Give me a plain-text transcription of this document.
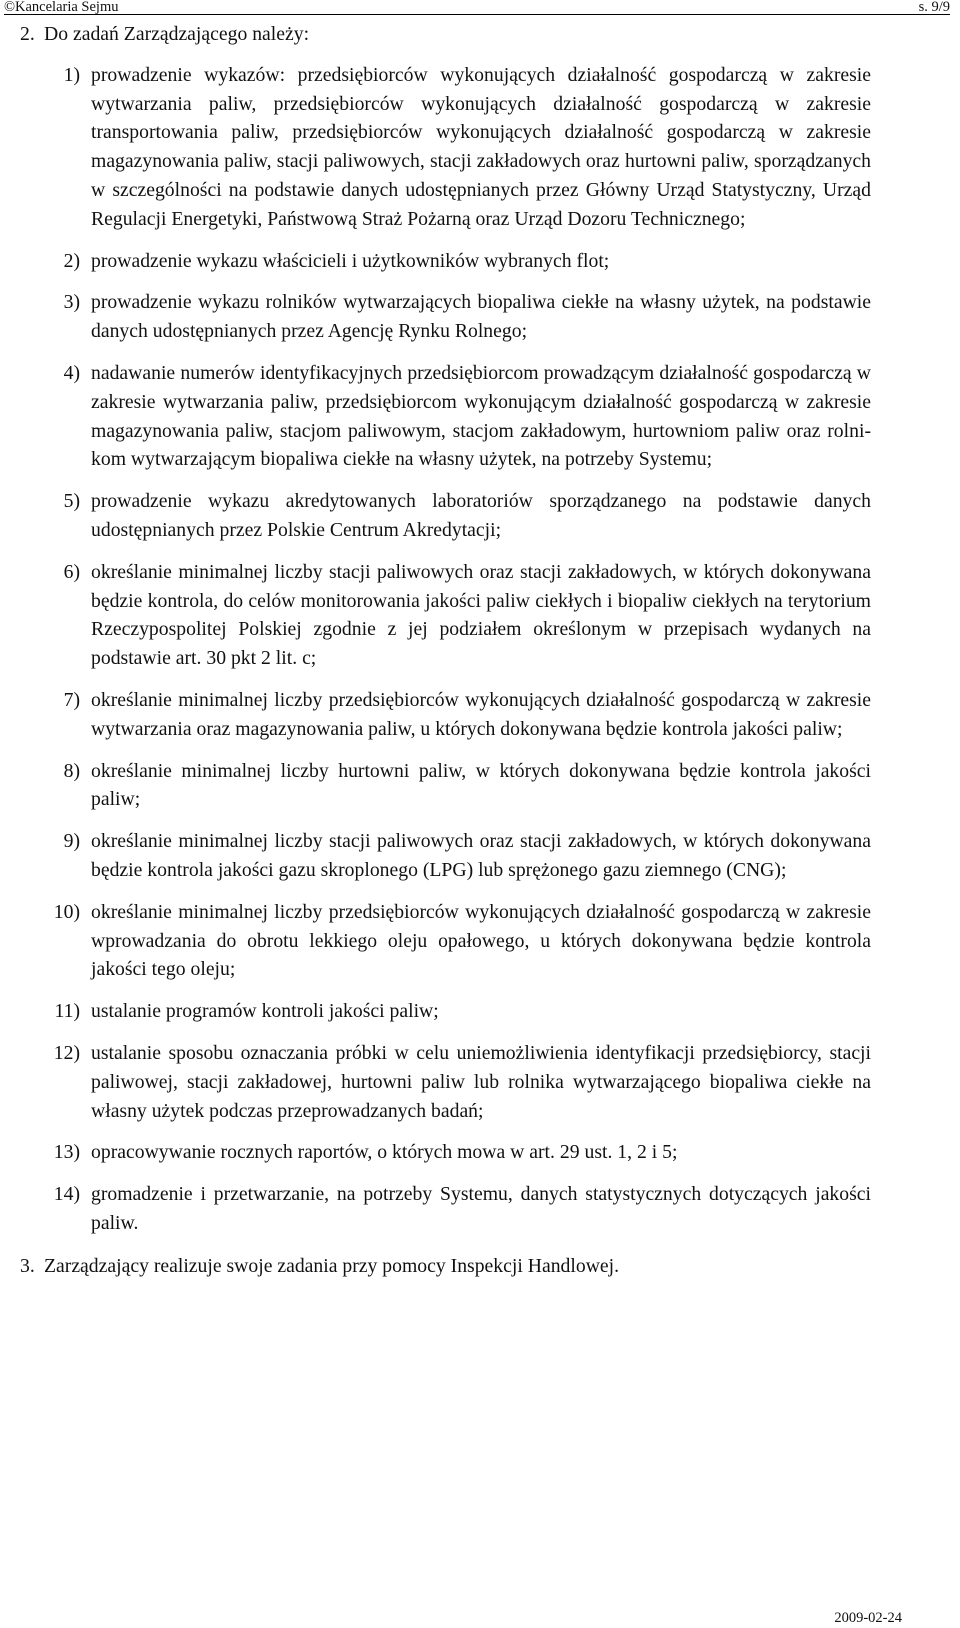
©Kancelaria Sejmu	s. 9/9
2. Do zadań Zarządzającego należy:
1) prowadzenie wykazów: przedsiębiorców wykonujących działalność gospodarczą w zakresie wytwarzania paliw, przedsiębiorców wykonujących działalność gospodarczą w zakresie transportowania paliw, przedsiębiorców wykonujących działalność gospodarczą w zakresie magazynowania paliw, stacji paliwowych, stacji zakładowych oraz hurtowni paliw, sporządzanych w szczególności na podstawie danych udostępnianych przez Główny Urząd Statystyczny, Urząd Regulacji Energetyki, Państwową Straż Pożarną oraz Urząd Dozoru Technicznego;
2) prowadzenie wykazu właścicieli i użytkowników wybranych flot;
3) prowadzenie wykazu rolników wytwarzających biopaliwa ciekłe na własny użytek, na podstawie danych udostępnianych przez Agencję Rynku Rolnego;
4) nadawanie numerów identyfikacyjnych przedsiębiorcom prowadzącym działalność gospodarczą w zakresie wytwarzania paliw, przedsiębiorcom wykonującym działalność gospodarczą w zakresie magazynowania paliw, stacjom paliwowym, stacjom zakładowym, hurtowniom paliw oraz rolnikom wytwarzającym biopaliwa ciekłe na własny użytek, na potrzeby Systemu;
5) prowadzenie wykazu akredytowanych laboratoriów sporządzanego na podstawie danych udostępnianych przez Polskie Centrum Akredytacji;
6) określanie minimalnej liczby stacji paliwowych oraz stacji zakładowych, w których dokonywana będzie kontrola, do celów monitorowania jakości paliw ciekłych i biopaliw ciekłych na terytorium Rzeczypospolitej Polskiej zgodnie z jej podziałem określonym w przepisach wydanych na podstawie art. 30 pkt 2 lit. c;
7) określanie minimalnej liczby przedsiębiorców wykonujących działalność gospodarczą w zakresie wytwarzania oraz magazynowania paliw, u których dokonywana będzie kontrola jakości paliw;
8) określanie minimalnej liczby hurtowni paliw, w których dokonywana będzie kontrola jakości paliw;
9) określanie minimalnej liczby stacji paliwowych oraz stacji zakładowych, w których dokonywana będzie kontrola jakości gazu skroplonego (LPG) lub sprężonego gazu ziemnego (CNG);
10) określanie minimalnej liczby przedsiębiorców wykonujących działalność gospodarczą w zakresie wprowadzania do obrotu lekkiego oleju opałowego, u których dokonywana będzie kontrola jakości tego oleju;
11) ustalanie programów kontroli jakości paliw;
12) ustalanie sposobu oznaczania próbki w celu uniemożliwienia identyfikacji przedsiębiorcy, stacji paliwowej, stacji zakładowej, hurtowni paliw lub rolnika wytwarzającego biopaliwa ciekłe na własny użytek podczas przeprowadzanych badań;
13) opracowywanie rocznych raportów, o których mowa w art. 29 ust. 1, 2 i 5;
14) gromadzenie i przetwarzanie, na potrzeby Systemu, danych statystycznych dotyczących jakości paliw.
3. Zarządzający realizuje swoje zadania przy pomocy Inspekcji Handlowej.
2009-02-24
